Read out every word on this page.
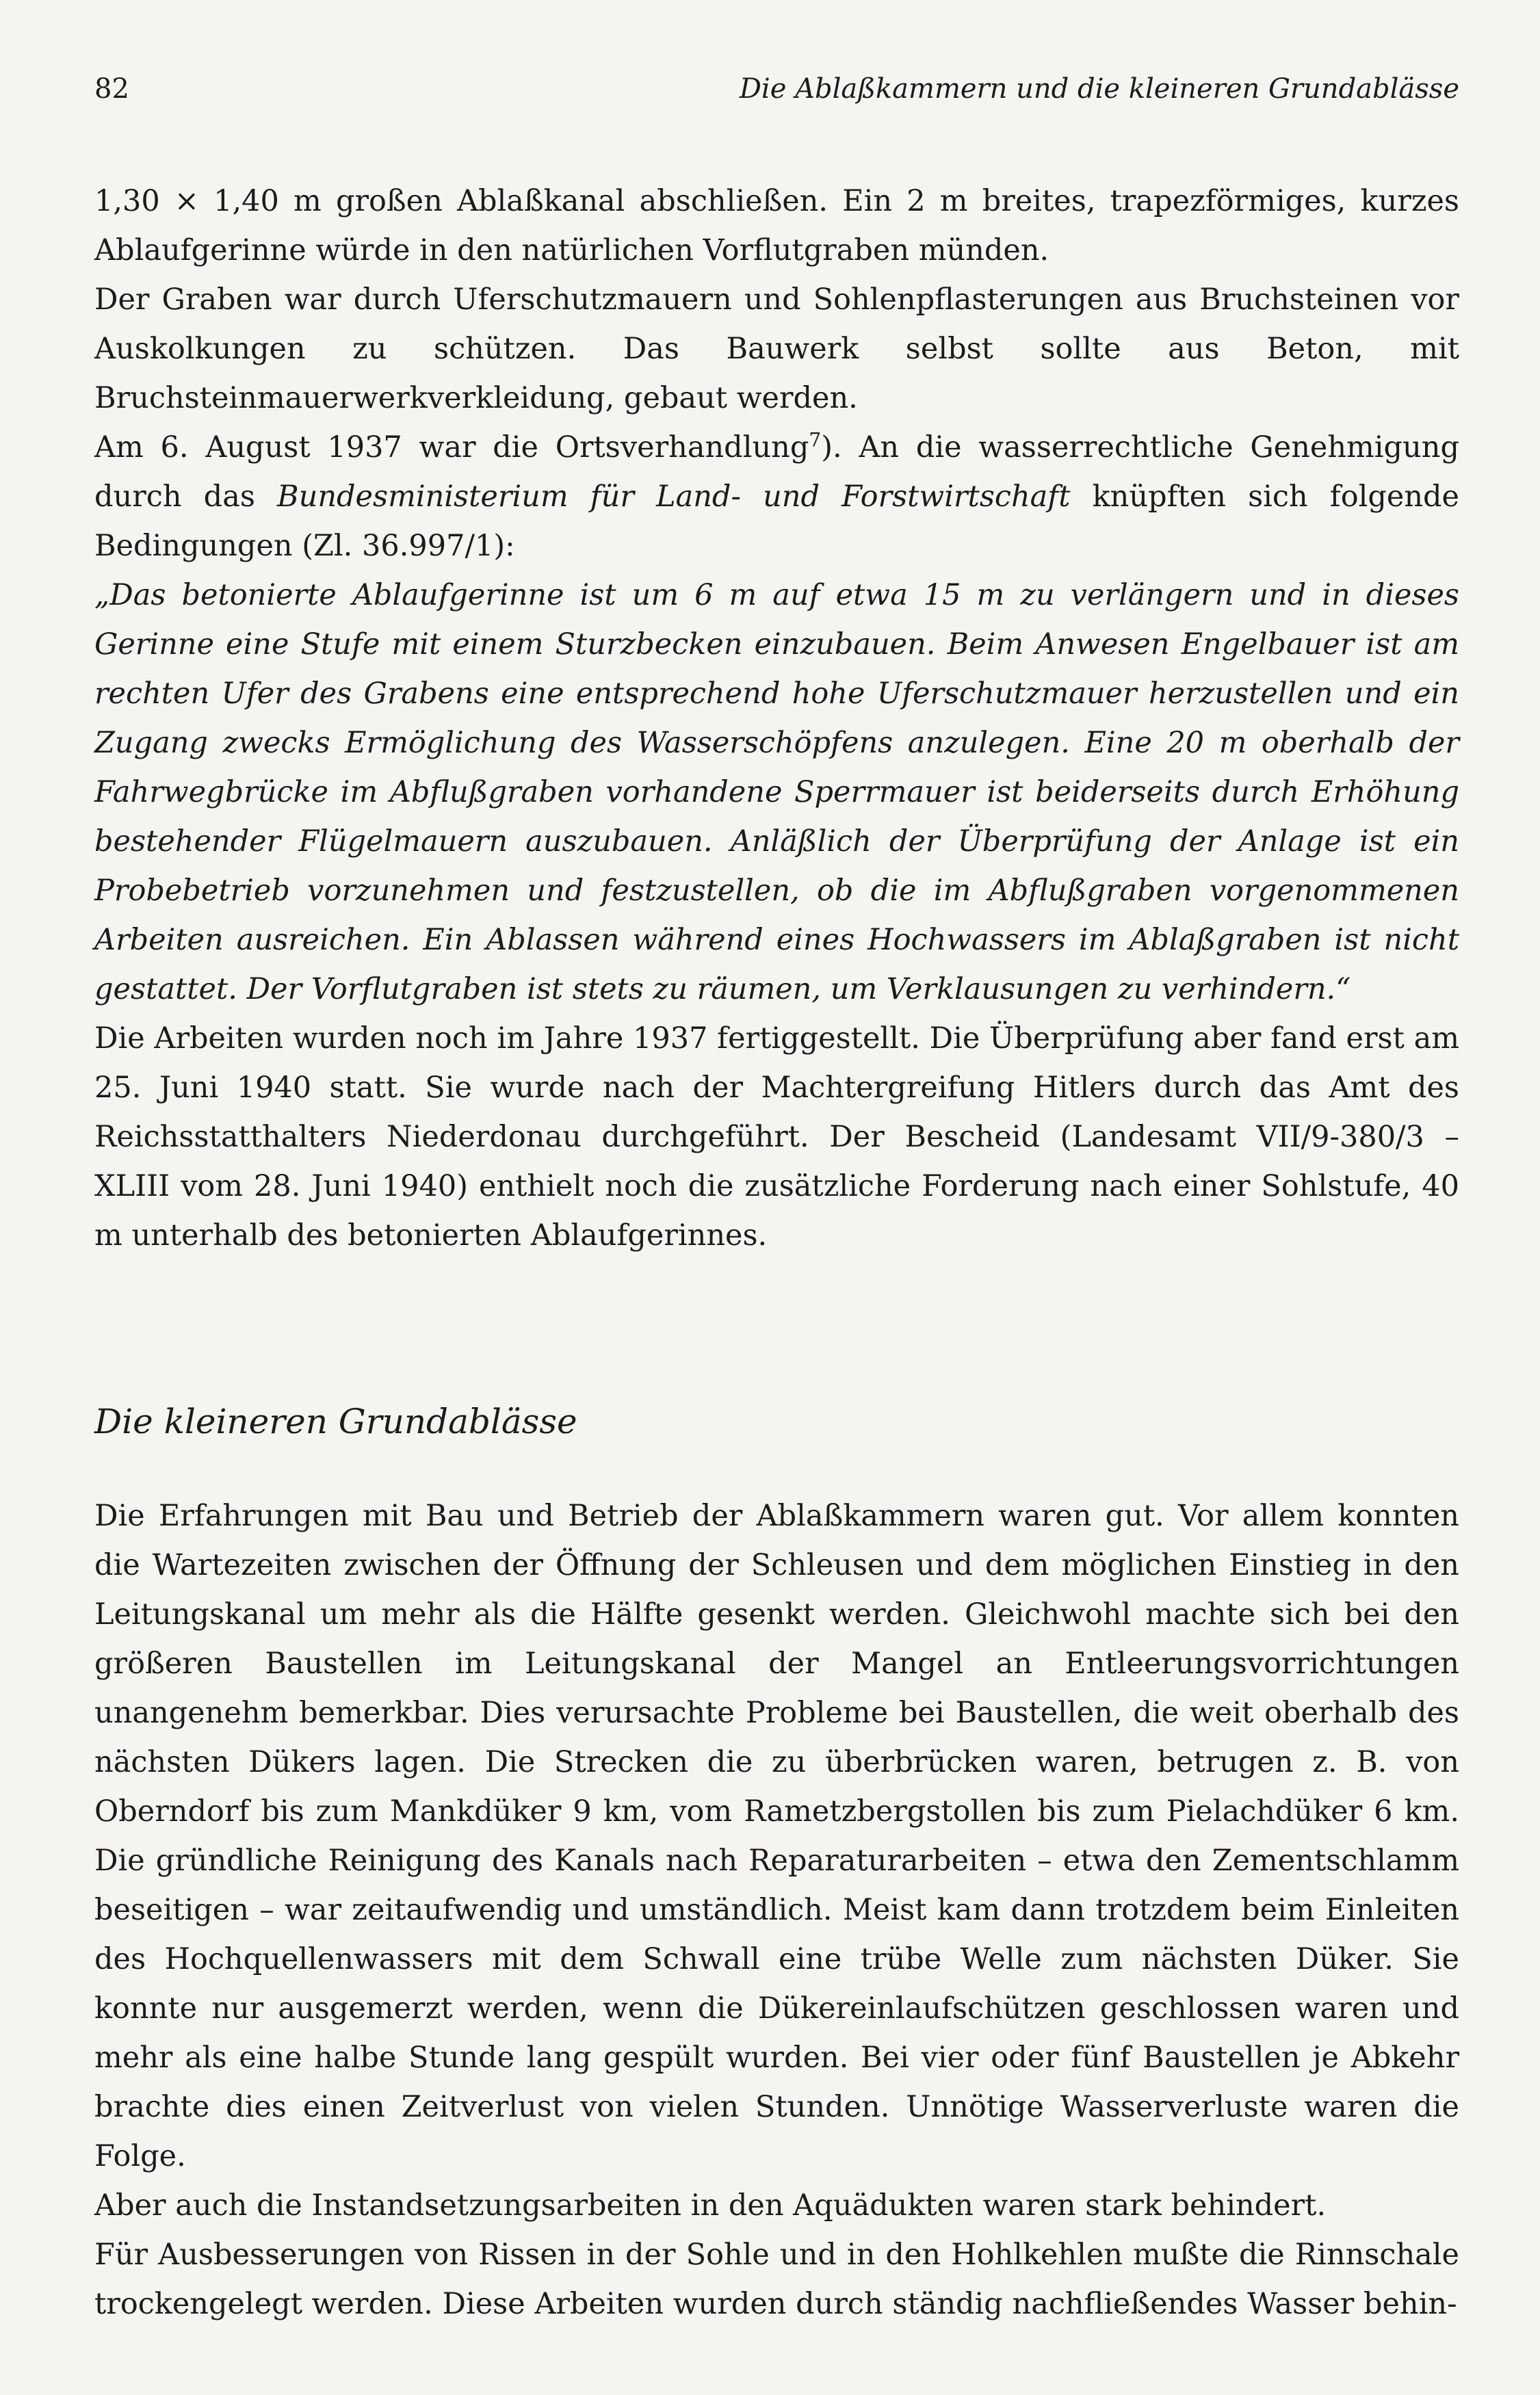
82	Die Ablaßkammern und die kleineren Grundablässe

1,30 × 1,40 m großen Ablaßkanal abschließen. Ein 2 m breites, trapezförmiges, kurzes Ablaufgerinne würde in den natürlichen Vorflutgraben münden.

Der Graben war durch Uferschutzmauern und Sohlenpflasterungen aus Bruchsteinen vor Auskolkungen zu schützen. Das Bauwerk selbst sollte aus Beton, mit Bruchsteinmauerwerkverkleidung, gebaut werden.

Am 6. August 1937 war die Ortsverhandlung$^7$). An die wasserrechtliche Genehmigung durch das Bundesministerium für Land- und Forstwirtschaft knüpften sich folgende Bedingungen (Zl. 36.997/1):

„Das betonierte Ablaufgerinne ist um 6 m auf etwa 15 m zu verlängern und in dieses Gerinne eine Stufe mit einem Sturzbecken einzubauen. Beim Anwesen Engelbauer ist am rechten Ufer des Grabens eine entsprechend hohe Uferschutzmauer herzustellen und ein Zugang zwecks Ermöglichung des Wasserschöpfens anzulegen. Eine 20 m oberhalb der Fahrwegbrücke im Abflußgraben vorhandene Sperrmauer ist beiderseits durch Erhöhung bestehender Flügelmauern auszubauen. Anläßlich der Überprüfung der Anlage ist ein Probebetrieb vorzunehmen und festzustellen, ob die im Abflußgraben vorgenommenen Arbeiten ausreichen. Ein Ablassen während eines Hochwassers im Ablaßgraben ist nicht gestattet. Der Vorflutgraben ist stets zu räumen, um Verklausungen zu verhindern.“

Die Arbeiten wurden noch im Jahre 1937 fertiggestellt. Die Überprüfung aber fand erst am 25. Juni 1940 statt. Sie wurde nach der Machtergreifung Hitlers durch das Amt des Reichsstatthalters Niederdonau durchgeführt. Der Bescheid (Landesamt VII/9-380/3 – XLIII vom 28. Juni 1940) enthielt noch die zusätzliche Forderung nach einer Sohlstufe, 40 m unterhalb des betonierten Ablaufgerinnes.

Die kleineren Grundablässe

Die Erfahrungen mit Bau und Betrieb der Ablaßkammern waren gut. Vor allem konnten die Wartezeiten zwischen der Öffnung der Schleusen und dem möglichen Einstieg in den Leitungskanal um mehr als die Hälfte gesenkt werden. Gleichwohl machte sich bei den größeren Baustellen im Leitungskanal der Mangel an Entleerungsvorrichtungen unangenehm bemerkbar. Dies verursachte Probleme bei Baustellen, die weit oberhalb des nächsten Dükers lagen. Die Strecken die zu überbrücken waren, betrugen z. B. von Oberndorf bis zum Mankdüker 9 km, vom Rametzbergstollen bis zum Pielachdüker 6 km. Die gründliche Reinigung des Kanals nach Reparaturarbeiten – etwa den Zementschlamm beseitigen – war zeitaufwendig und umständlich. Meist kam dann trotzdem beim Einleiten des Hochquellenwassers mit dem Schwall eine trübe Welle zum nächsten Düker. Sie konnte nur ausgemerzt werden, wenn die Dükereinlaufschützen geschlossen waren und mehr als eine halbe Stunde lang gespült wurden. Bei vier oder fünf Baustellen je Abkehr brachte dies einen Zeitverlust von vielen Stunden. Unnötige Wasserverluste waren die Folge.

Aber auch die Instandsetzungsarbeiten in den Aquädukten waren stark behindert.

Für Ausbesserungen von Rissen in der Sohle und in den Hohlkehlen mußte die Rinnschale trockengelegt werden. Diese Arbeiten wurden durch ständig nachfließendes Wasser behin-
